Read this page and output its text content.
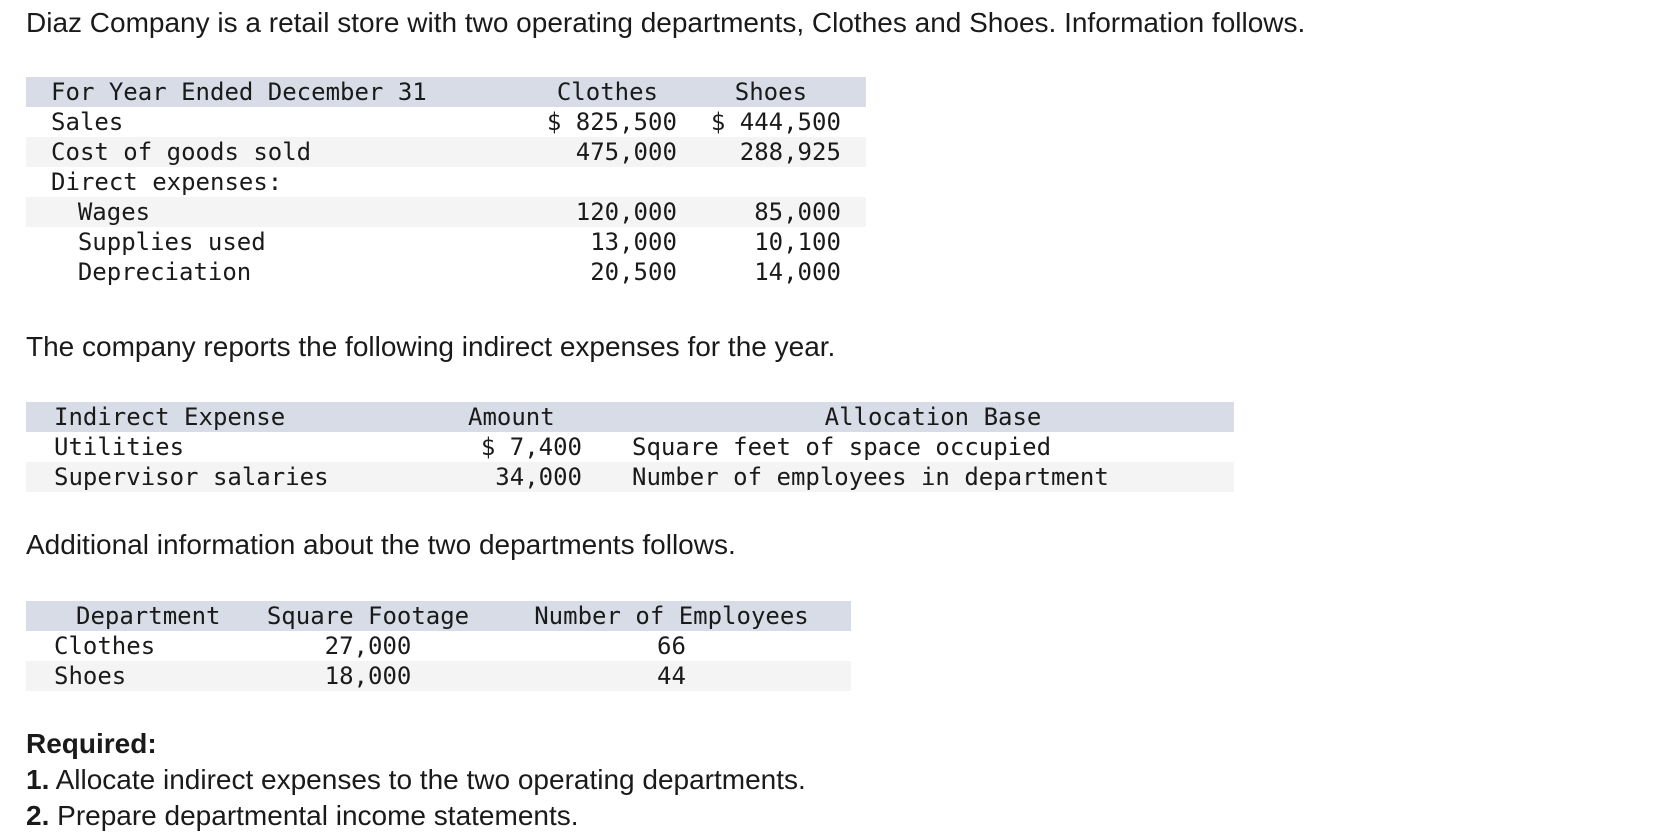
Diaz Company is a retail store with two operating departments, Clothes and Shoes. Information follows.

	For Year Ended December 31		Clothes	Shoes	
	Sales		$ 825,500	$ 444,500	
	Cost of goods sold		475,000	288,925	
	Direct expenses:				
		Wages	120,000	85,000	
		Supplies used	13,000	10,100	
		Depreciation	20,500	14,000	

The company reports the following indirect expenses for the year.

	Indirect Expense	Amount		Allocation Base
	Utilities	$ 7,400		Square feet of space occupied
	Supervisor salaries	34,000		Number of employees in department

Additional information about the two departments follows.

	Department	Square Footage	Number of Employees
	Clothes	27,000	66
	Shoes	18,000	44

Required:

1. Allocate indirect expenses to the two operating departments.

2. Prepare departmental income statements.
